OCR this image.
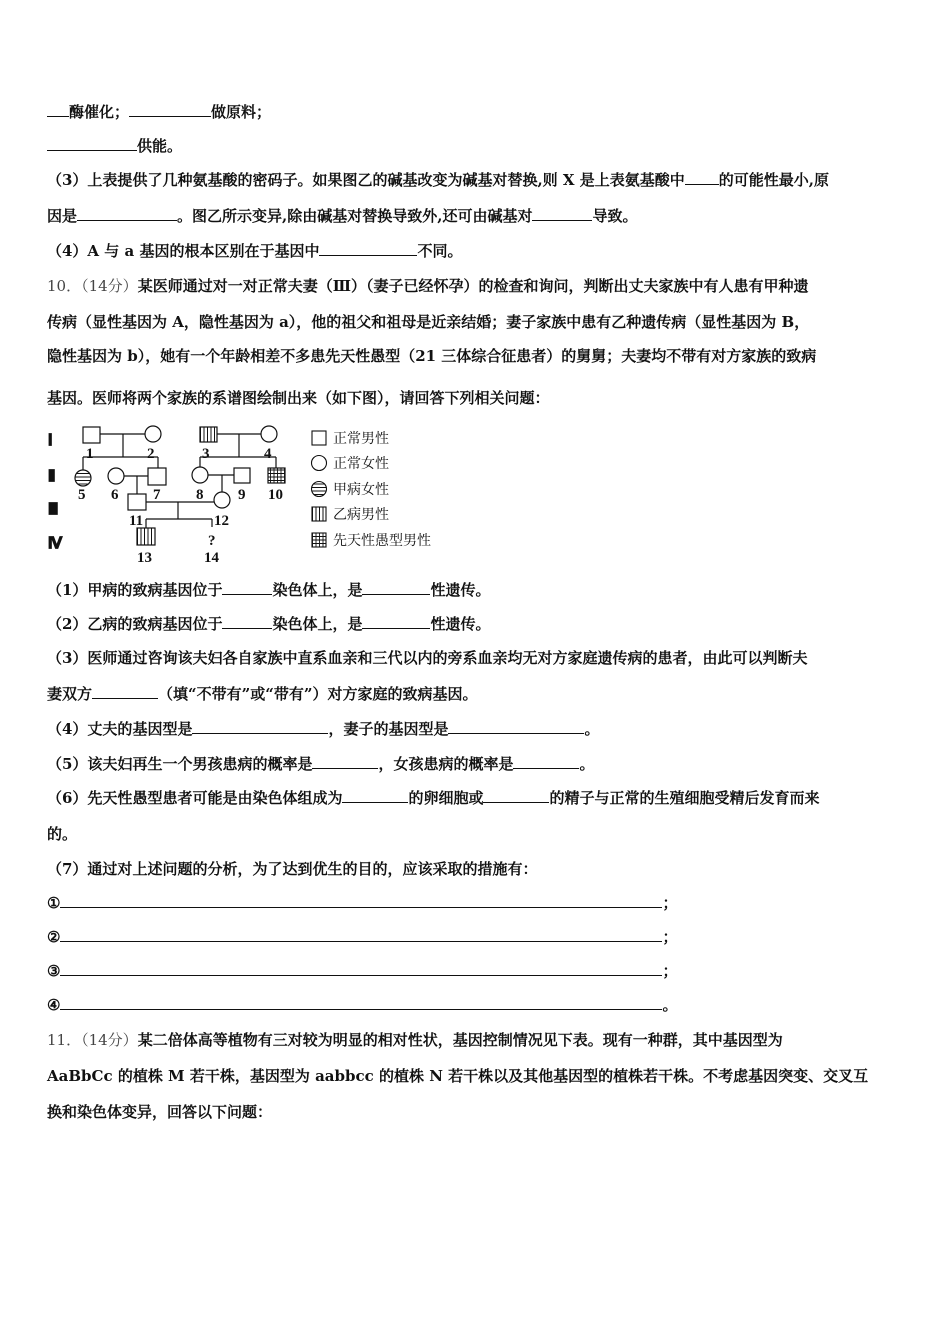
酶催化；	做原料；
供能。
（3）上表提供了几种氨基酸的密码子。如果图乙的碱基改变为碱基对替换,则 X 是上表氨基酸中 的可能性最小,原
因是	。图乙所示变异,除由碱基对替换导致外,还可由碱基对	导致。
（4）A 与 a 基因的根本区别在于基因中	不同。
10．（14分）某医师通过对一对正常夫妻（Ⅲ）（妻子已经怀孕）的检查和询问，判断出丈夫家族中有人患有甲种遗
传病（显性基因为 A，隐性基因为 a），他的祖父和祖母是近亲结婚；妻子家族中患有乙种遗传病（显性基因为 B，
隐性基因为 b），她有一个年龄相差不多患先天性愚型（21 三体综合征患者）的舅舅；夫妻均不带有对方家族的致病
基因。医师将两个家族的系谱图绘制出来（如下图），请回答下列相关问题：
Ⅰ
Ⅱ
Ⅲ
Ⅳ
1	2	3	4
5 6 7 8 9 10
11	12
?
13	14
正常男性
正常女性
甲病女性
乙病男性
先天性愚型男性
（1）甲病的致病基因位于	染色体上，是	性遗传。
（2）乙病的致病基因位于	染色体上，是	性遗传。
（3）医师通过咨询该夫妇各自家族中直系血亲和三代以内的旁系血亲均无对方家庭遗传病的患者，由此可以判断夫
妻双方	（填“不带有”或“带有”）对方家庭的致病基因。
（4）丈夫的基因型是	，妻子的基因型是	。
（5）该夫妇再生一个男孩患病的概率是	，女孩患病的概率是	。
（6）先天性愚型患者可能是由染色体组成为	的卵细胞或	的精子与正常的生殖细胞受精后发育而来
的。
（7）通过对上述问题的分析，为了达到优生的目的，应该采取的措施有：
①	；
②	；
③	；
④	。
11．（14分）某二倍体高等植物有三对较为明显的相对性状，基因控制情况见下表。现有一种群，其中基因型为
AaBbCc 的植株 M 若干株，基因型为 aabbcc 的植株 N 若干株以及其他基因型的植株若干株。不考虑基因突变、交叉互
换和染色体变异，回答以下问题：
